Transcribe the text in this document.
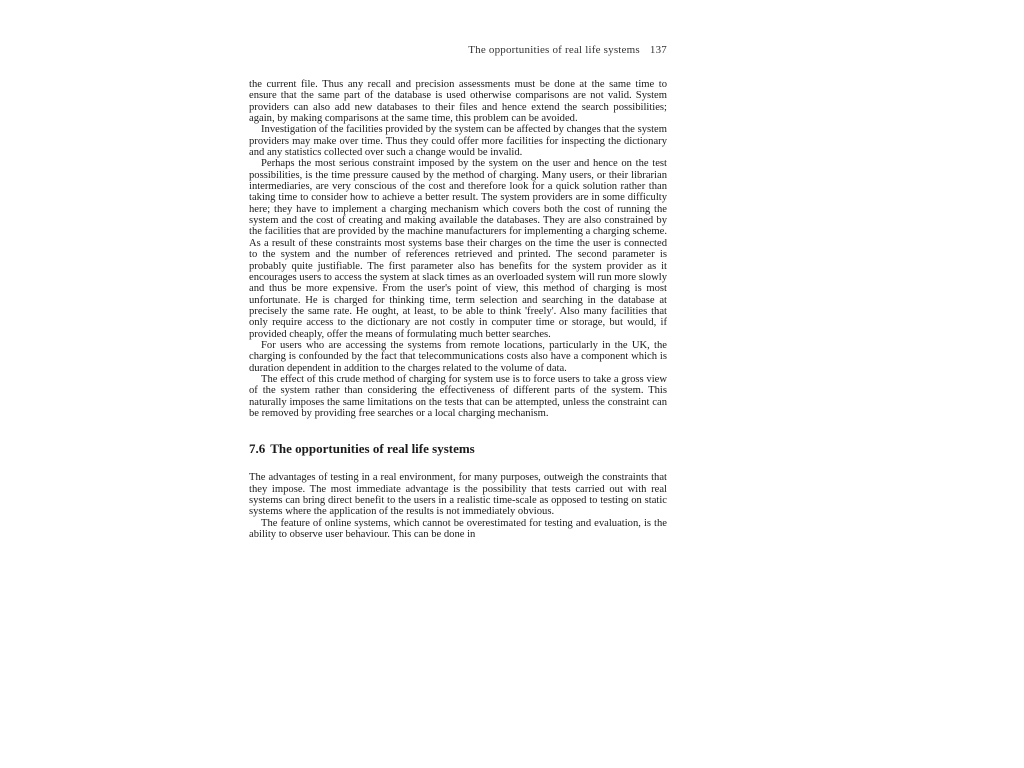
The opportunities of real life systems 137

the current file. Thus any recall and precision assessments must be done at the same time to ensure that the same part of the database is used otherwise comparisons are not valid. System providers can also add new databases to their files and hence extend the search possibilities; again, by making comparisons at the same time, this problem can be avoided.

Investigation of the facilities provided by the system can be affected by changes that the system providers may make over time. Thus they could offer more facilities for inspecting the dictionary and any statistics collected over such a change would be invalid.

Perhaps the most serious constraint imposed by the system on the user and hence on the test possibilities, is the time pressure caused by the method of charging. Many users, or their librarian intermediaries, are very conscious of the cost and therefore look for a quick solution rather than taking time to consider how to achieve a better result. The system providers are in some difficulty here; they have to implement a charging mechanism which covers both the cost of running the system and the cost of creating and making available the databases. They are also constrained by the facilities that are provided by the machine manufacturers for implementing a charging scheme. As a result of these constraints most systems base their charges on the time the user is connected to the system and the number of references retrieved and printed. The second parameter is probably quite justifiable. The first parameter also has benefits for the system provider as it encourages users to access the system at slack times as an overloaded system will run more slowly and thus be more expensive. From the user's point of view, this method of charging is most unfortunate. He is charged for thinking time, term selection and searching in the database at precisely the same rate. He ought, at least, to be able to think 'freely'. Also many facilities that only require access to the dictionary are not costly in computer time or storage, but would, if provided cheaply, offer the means of formulating much better searches.

For users who are accessing the systems from remote locations, particularly in the UK, the charging is confounded by the fact that telecommunications costs also have a component which is duration dependent in addition to the charges related to the volume of data.

The effect of this crude method of charging for system use is to force users to take a gross view of the system rather than considering the effectiveness of different parts of the system. This naturally imposes the same limitations on the tests that can be attempted, unless the constraint can be removed by providing free searches or a local charging mechanism.

7.6 The opportunities of real life systems

The advantages of testing in a real environment, for many purposes, outweigh the constraints that they impose. The most immediate advantage is the possibility that tests carried out with real systems can bring direct benefit to the users in a realistic time-scale as opposed to testing on static systems where the application of the results is not immediately obvious.

The feature of online systems, which cannot be overestimated for testing and evaluation, is the ability to observe user behaviour. This can be done in
